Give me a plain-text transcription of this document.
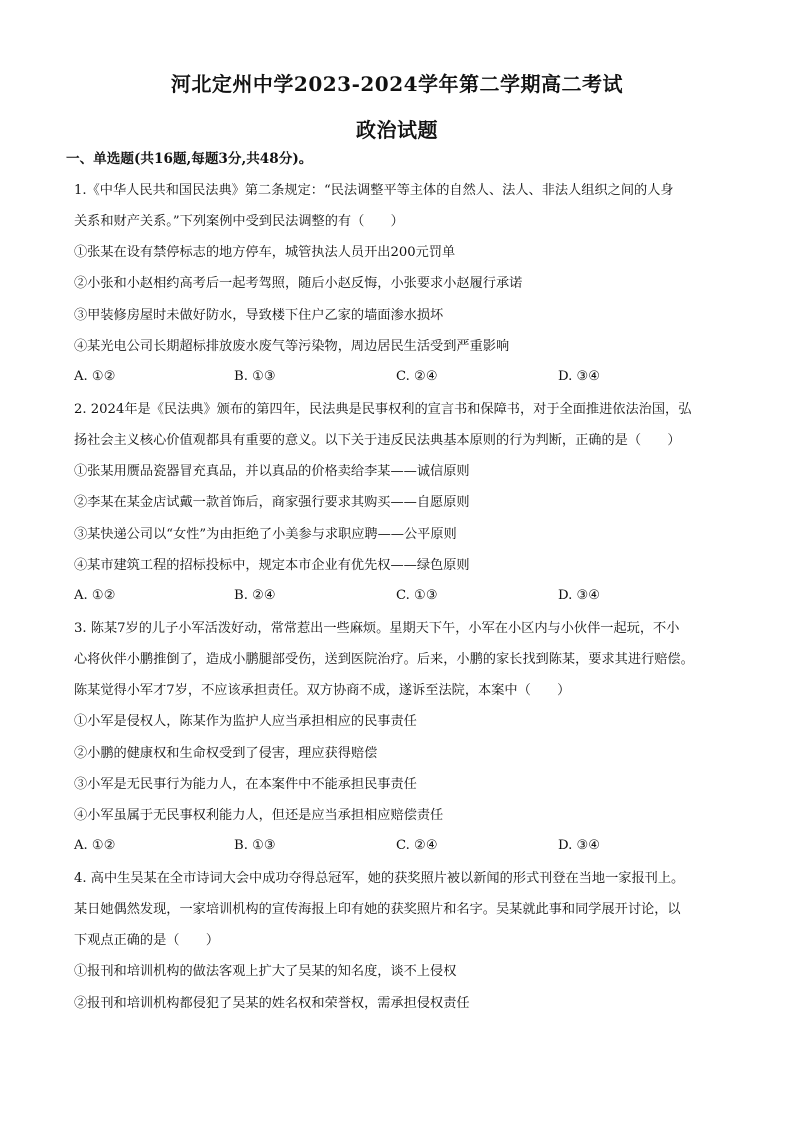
河北定州中学2023-2024学年第二学期高二考试
政治试题
一、单选题(共16题,每题3分,共48分)。
1.《中华人民共和国民法典》第二条规定：“民法调整平等主体的自然人、法人、非法人组织之间的人身
关系和财产关系。”下列案例中受到民法调整的有（　　）
①张某在设有禁停标志的地方停车，城管执法人员开出200元罚单
②小张和小赵相约高考后一起考驾照，随后小赵反悔，小张要求小赵履行承诺
③甲装修房屋时未做好防水，导致楼下住户乙家的墙面渗水损坏
④某光电公司长期超标排放废水废气等污染物，周边居民生活受到严重影响
A. ①②	B. ①③	C. ②④	D. ③④
2. 2024年是《民法典》颁布的第四年，民法典是民事权利的宣言书和保障书，对于全面推进依法治国，弘
扬社会主义核心价值观都具有重要的意义。以下关于违反民法典基本原则的行为判断，正确的是（　　）
①张某用赝品瓷器冒充真品，并以真品的价格卖给李某——诚信原则
②李某在某金店试戴一款首饰后，商家强行要求其购买——自愿原则
③某快递公司以“女性”为由拒绝了小美参与求职应聘——公平原则
④某市建筑工程的招标投标中，规定本市企业有优先权——绿色原则
A. ①②	B. ②④	C. ①③	D. ③④
3. 陈某7岁的儿子小军活泼好动，常常惹出一些麻烦。星期天下午，小军在小区内与小伙伴一起玩，不小
心将伙伴小鹏推倒了，造成小鹏腿部受伤，送到医院治疗。后来，小鹏的家长找到陈某，要求其进行赔偿。
陈某觉得小军才7岁，不应该承担责任。双方协商不成，遂诉至法院，本案中（　　）
①小军是侵权人，陈某作为监护人应当承担相应的民事责任
②小鹏的健康权和生命权受到了侵害，理应获得赔偿
③小军是无民事行为能力人，在本案件中不能承担民事责任
④小军虽属于无民事权利能力人，但还是应当承担相应赔偿责任
A. ①②	B. ①③	C. ②④	D. ③④
4. 高中生吴某在全市诗词大会中成功夺得总冠军，她的获奖照片被以新闻的形式刊登在当地一家报刊上。
某日她偶然发现，一家培训机构的宣传海报上印有她的获奖照片和名字。吴某就此事和同学展开讨论，以
下观点正确的是（　　）
①报刊和培训机构的做法客观上扩大了吴某的知名度，谈不上侵权
②报刊和培训机构都侵犯了吴某的姓名权和荣誉权，需承担侵权责任
